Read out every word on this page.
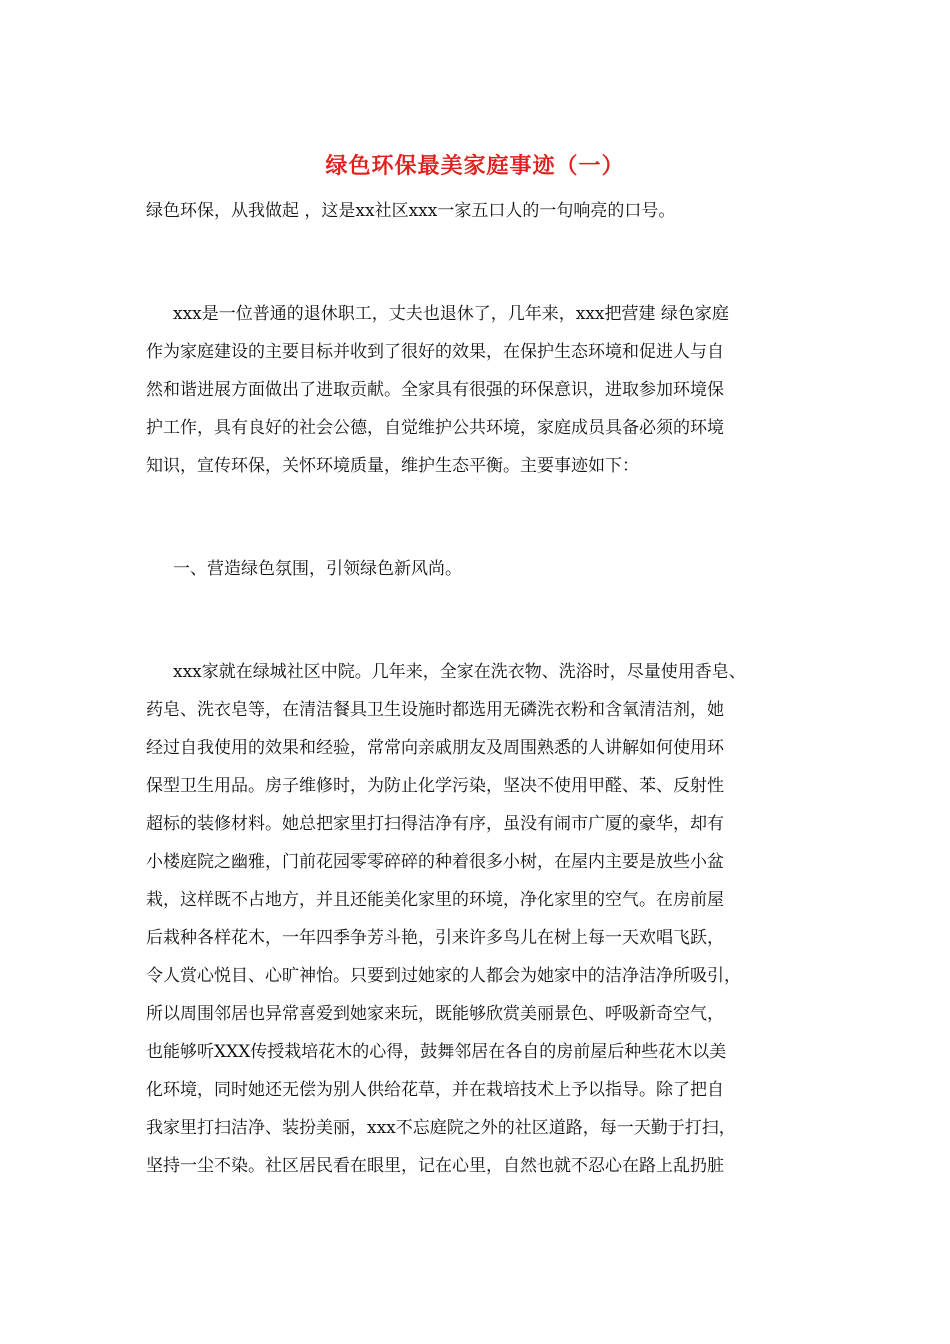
绿色环保最美家庭事迹（一）
绿色环保，从我做起 ，这是xx社区xxx一家五口人的一句响亮的口号。
xxx是一位普通的退休职工，丈夫也退休了，几年来，xxx把营建 绿色家庭
作为家庭建设的主要目标并收到了很好的效果，在保护生态环境和促进人与自
然和谐进展方面做出了进取贡献。全家具有很强的环保意识，进取参加环境保
护工作，具有良好的社会公德，自觉维护公共环境，家庭成员具备必须的环境
知识，宣传环保，关怀环境质量，维护生态平衡。主要事迹如下：
一、营造绿色氛围，引领绿色新风尚。
xxx家就在绿城社区中院。几年来，全家在洗衣物、洗浴时，尽量使用香皂、
药皂、洗衣皂等，在清洁餐具卫生设施时都选用无磷洗衣粉和含氧清洁剂，她
经过自我使用的效果和经验，常常向亲戚朋友及周围熟悉的人讲解如何使用环
保型卫生用品。房子维修时，为防止化学污染，坚决不使用甲醛、苯、反射性
超标的装修材料。她总把家里打扫得洁净有序，虽没有闹市广厦的豪华，却有
小楼庭院之幽雅，门前花园零零碎碎的种着很多小树，在屋内主要是放些小盆
栽，这样既不占地方，并且还能美化家里的环境，净化家里的空气。在房前屋
后栽种各样花木，一年四季争芳斗艳，引来许多鸟儿在树上每一天欢唱飞跃，
令人赏心悦目、心旷神怡。只要到过她家的人都会为她家中的洁净洁净所吸引，
所以周围邻居也异常喜爱到她家来玩，既能够欣赏美丽景色、呼吸新奇空气，
也能够听XXX传授栽培花木的心得，鼓舞邻居在各自的房前屋后种些花木以美
化环境，同时她还无偿为别人供给花草，并在栽培技术上予以指导。除了把自
我家里打扫洁净、装扮美丽，xxx不忘庭院之外的社区道路，每一天勤于打扫，
坚持一尘不染。社区居民看在眼里，记在心里，自然也就不忍心在路上乱扔脏
